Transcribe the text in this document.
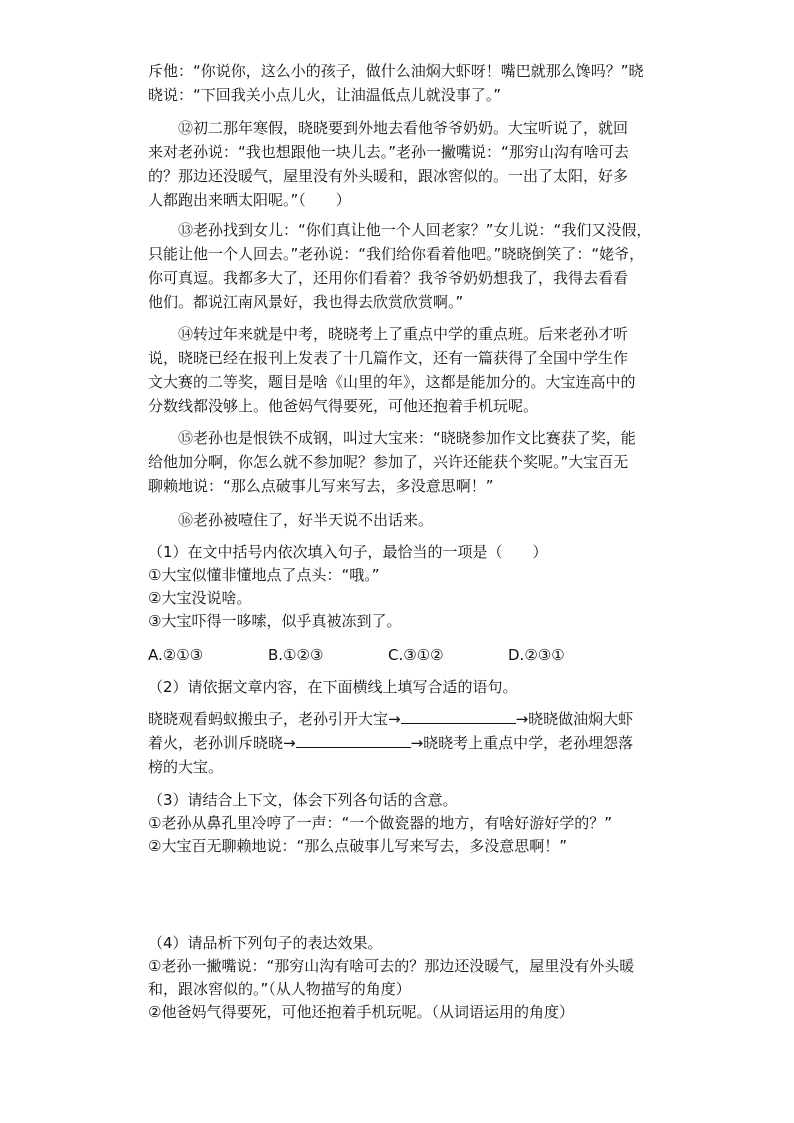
斥他：“你说你，这么小的孩子，做什么油焖大虾呀！嘴巴就那么馋吗？”晓
晓说：“下回我关小点儿火，让油温低点儿就没事了。”
⑫初二那年寒假，晓晓要到外地去看他爷爷奶奶。大宝听说了，就回
来对老孙说：“我也想跟他一块儿去。”老孙一撇嘴说：“那穷山沟有啥可去
的？那边还没暖气，屋里没有外头暖和，跟冰窖似的。一出了太阳，好多
人都跑出来晒太阳呢。”（　　）
⑬老孙找到女儿：“你们真让他一个人回老家？”女儿说：“我们又没假，
只能让他一个人回去。”老孙说：“我们给你看着他吧。”晓晓倒笑了：“姥爷，
你可真逗。我都多大了，还用你们看着？我爷爷奶奶想我了，我得去看看
他们。都说江南风景好，我也得去欣赏欣赏啊。”
⑭转过年来就是中考，晓晓考上了重点中学的重点班。后来老孙才听
说，晓晓已经在报刊上发表了十几篇作文，还有一篇获得了全国中学生作
文大赛的二等奖，题目是啥《山里的年》，这都是能加分的。大宝连高中的
分数线都没够上。他爸妈气得要死，可他还抱着手机玩呢。
⑮老孙也是恨铁不成钢，叫过大宝来：“晓晓参加作文比赛获了奖，能
给他加分啊，你怎么就不参加呢？参加了，兴许还能获个奖呢。”大宝百无
聊赖地说：“那么点破事儿写来写去，多没意思啊！”
⑯老孙被噎住了，好半天说不出话来。
（1）在文中括号内依次填入句子，最恰当的一项是（　　）
①大宝似懂非懂地点了点头：“哦。”
②大宝没说啥。
③大宝吓得一哆嗦，似乎真被冻到了。
A.②①③	B.①②③	C.③①②	D.②③①
（2）请依据文章内容，在下面横线上填写合适的语句。
晓晓观看蚂蚁搬虫子，老孙引开大宝→	→晓晓做油焖大虾
着火，老孙训斥晓晓→	→晓晓考上重点中学，老孙埋怨落
榜的大宝。
（3）请结合上下文，体会下列各句话的含意。
①老孙从鼻孔里冷哼了一声：“一个做瓷器的地方，有啥好游好学的？”
②大宝百无聊赖地说：“那么点破事儿写来写去，多没意思啊！”
（4）请品析下列句子的表达效果。
①老孙一撇嘴说：“那穷山沟有啥可去的？那边还没暖气，屋里没有外头暖
和，跟冰窖似的。”（从人物描写的角度）
②他爸妈气得要死，可他还抱着手机玩呢。（从词语运用的角度）
